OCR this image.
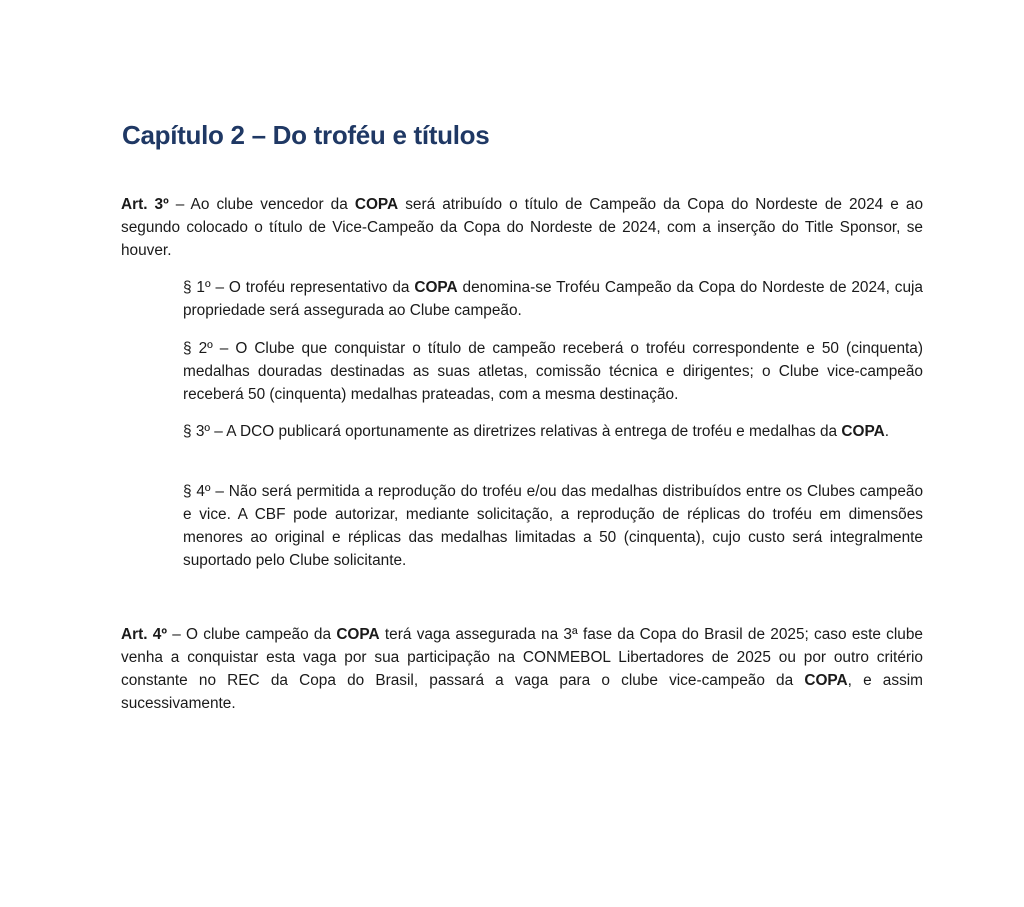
Capítulo 2 – Do troféu e títulos

Art. 3º – Ao clube vencedor da COPA será atribuído o título de Campeão da Copa do Nordeste de 2024 e ao segundo colocado o título de Vice-Campeão da Copa do Nordeste de 2024, com a inserção do Title Sponsor, se houver.

§ 1º – O troféu representativo da COPA denomina-se Troféu Campeão da Copa do Nordeste de 2024, cuja propriedade será assegurada ao Clube campeão.

§ 2º – O Clube que conquistar o título de campeão receberá o troféu correspondente e 50 (cinquenta) medalhas douradas destinadas as suas atletas, comissão técnica e dirigentes; o Clube vice-campeão receberá 50 (cinquenta) medalhas prateadas, com a mesma destinação.

§ 3º – A DCO publicará oportunamente as diretrizes relativas à entrega de troféu e medalhas da COPA.

§ 4º – Não será permitida a reprodução do troféu e/ou das medalhas distribuídos entre os Clubes campeão e vice. A CBF pode autorizar, mediante solicitação, a reprodução de réplicas do troféu em dimensões menores ao original e réplicas das medalhas limitadas a 50 (cinquenta), cujo custo será integralmente suportado pelo Clube solicitante.

Art. 4º – O clube campeão da COPA terá vaga assegurada na 3ª fase da Copa do Brasil de 2025; caso este clube venha a conquistar esta vaga por sua participação na CONMEBOL Libertadores de 2025 ou por outro critério constante no REC da Copa do Brasil, passará a vaga para o clube vice-campeão da COPA, e assim sucessivamente.
